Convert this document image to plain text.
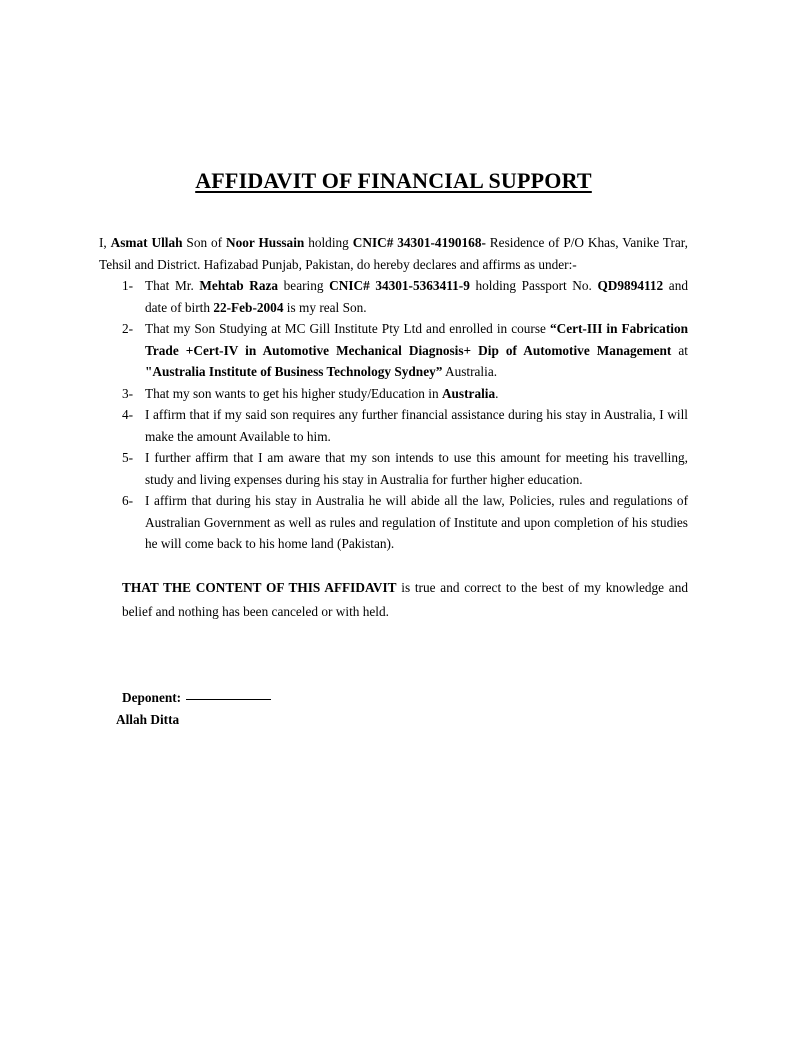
AFFIDAVIT OF FINANCIAL SUPPORT

I, Asmat Ullah Son of Noor Hussain holding CNIC# 34301-4190168- Residence of P/O Khas, Vanike Trar, Tehsil and District. Hafizabad Punjab, Pakistan, do hereby declares and affirms as under:-

1- That Mr. Mehtab Raza bearing CNIC# 34301-5363411-9 holding Passport No. QD9894112 and date of birth 22-Feb-2004 is my real Son.
2- That my Son Studying at MC Gill Institute Pty Ltd and enrolled in course “Cert-III in Fabrication Trade +Cert-IV in Automotive Mechanical Diagnosis+ Dip of Automotive Management at "Australia Institute of Business Technology Sydney” Australia.
3- That my son wants to get his higher study/Education in Australia.
4- I affirm that if my said son requires any further financial assistance during his stay in Australia, I will make the amount Available to him.
5- I further affirm that I am aware that my son intends to use this amount for meeting his travelling, study and living expenses during his stay in Australia for further higher education.
6- I affirm that during his stay in Australia he will abide all the law, Policies, rules and regulations of Australian Government as well as rules and regulation of Institute and upon completion of his studies he will come back to his home land (Pakistan).

THAT THE CONTENT OF THIS AFFIDAVIT is true and correct to the best of my knowledge and belief and nothing has been canceled or with held.

Deponent:
Allah Ditta
